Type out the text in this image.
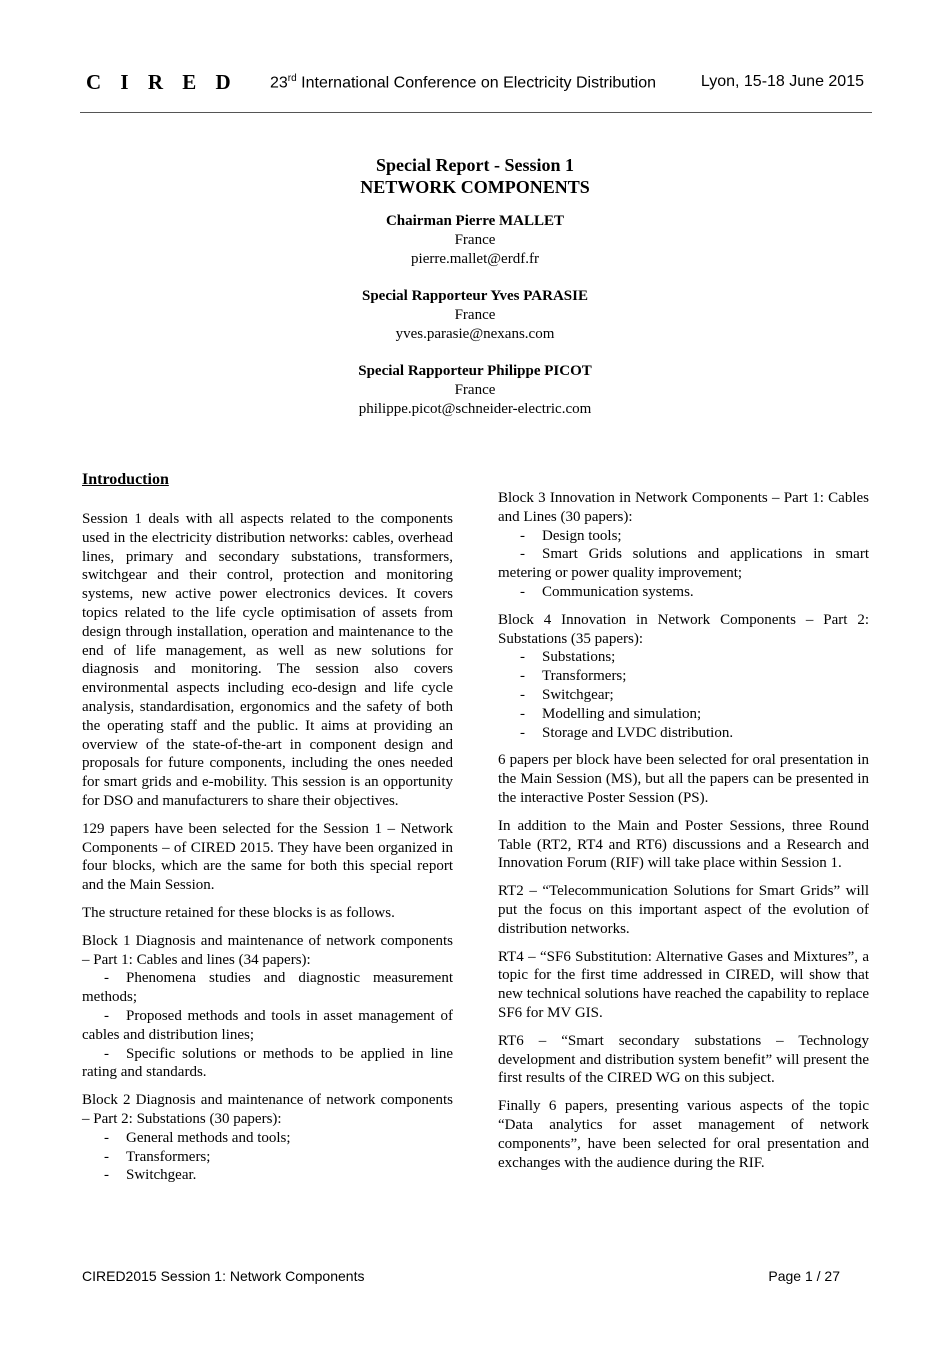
C I R E D 23rd International Conference on Electricity Distribution	Lyon, 15-18 June 2015
Special Report - Session 1
NETWORK COMPONENTS
Chairman Pierre MALLET
France
pierre.mallet@erdf.fr
Special Rapporteur Yves PARASIE
France
yves.parasie@nexans.com
Special Rapporteur Philippe PICOT
France
philippe.picot@schneider-electric.com
Introduction

Session 1 deals with all aspects related to the components used in the electricity distribution networks: cables, overhead lines, primary and secondary substations, transformers, switchgear and their control, protection and monitoring systems, new active power electronics devices. It covers topics related to the life cycle optimisation of assets from design through installation, operation and maintenance to the end of life management, as well as new solutions for diagnosis and monitoring. The session also covers environmental aspects including eco-design and life cycle analysis, standardisation, ergonomics and the safety of both the operating staff and the public. It aims at providing an overview of the state-of-the-art in component design and proposals for future components, including the ones needed for smart grids and e-mobility. This session is an opportunity for DSO and manufacturers to share their objectives.

129 papers have been selected for the Session 1 – Network Components – of CIRED 2015. They have been organized in four blocks, which are the same for both this special report and the Main Session.

The structure retained for these blocks is as follows.

Block 1 Diagnosis and maintenance of network components – Part 1: Cables and lines (34 papers):
- Phenomena studies and diagnostic measurement methods;
- Proposed methods and tools in asset management of cables and distribution lines;
- Specific solutions or methods to be applied in line rating and standards.
Block 2 Diagnosis and maintenance of network components – Part 2: Substations (30 papers):
- General methods and tools;
- Transformers;
- Switchgear.
Block 3 Innovation in Network Components – Part 1: Cables and Lines (30 papers):
- Design tools;
- Smart Grids solutions and applications in smart metering or power quality improvement;
- Communication systems.
Block 4 Innovation in Network Components – Part 2: Substations (35 papers):
- Substations;
- Transformers;
- Switchgear;
- Modelling and simulation;
- Storage and LVDC distribution.

6 papers per block have been selected for oral presentation in the Main Session (MS), but all the papers can be presented in the interactive Poster Session (PS).

In addition to the Main and Poster Sessions, three Round Table (RT2, RT4 and RT6) discussions and a Research and Innovation Forum (RIF) will take place within Session 1.

RT2 – “Telecommunication Solutions for Smart Grids” will put the focus on this important aspect of the evolution of distribution networks.

RT4 – “SF6 Substitution: Alternative Gases and Mixtures”, a topic for the first time addressed in CIRED, will show that new technical solutions have reached the capability to replace SF6 for MV GIS.

RT6 – “Smart secondary substations – Technology development and distribution system benefit” will present the first results of the CIRED WG on this subject.

Finally 6 papers, presenting various aspects of the topic “Data analytics for asset management of network components”, have been selected for oral presentation and exchanges with the audience during the RIF.

CIRED2015 Session 1: Network Components	Page 1 / 27
